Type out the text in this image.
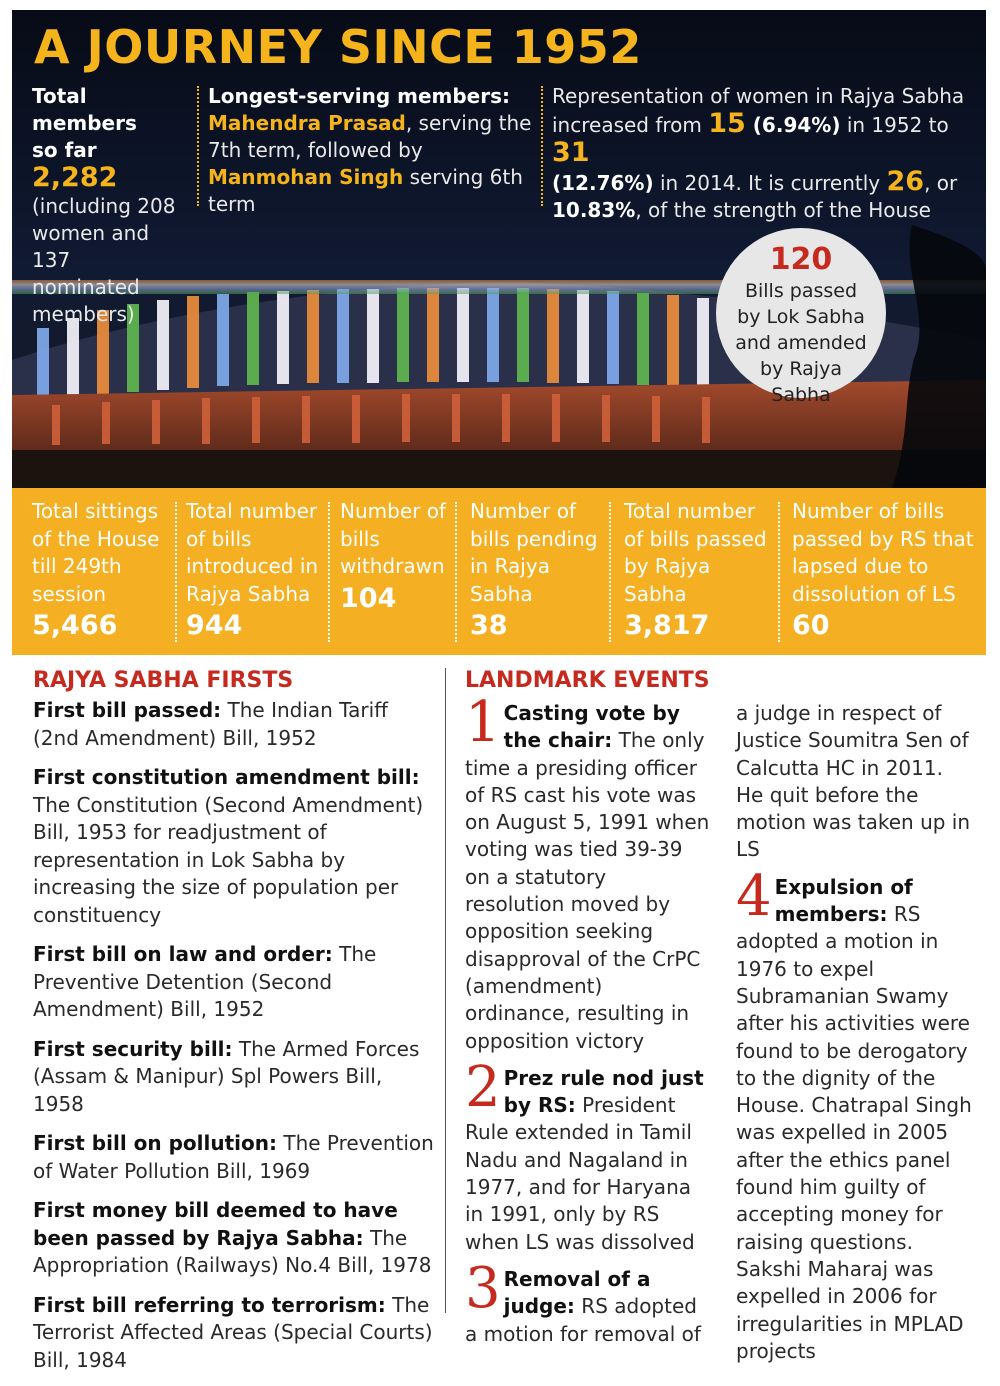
A JOURNEY SINCE 1952
Total members
so far 2,282
(including 208 women and 137 nominated members)
Longest-serving members:
Mahendra Prasad, serving the 7th term, followed by Manmohan Singh serving 6th term
Representation of women in Rajya Sabha increased from 15 (6.94%) in 1952 to 31
(12.76%) in 2014. It is currently 26, or
10.83%, of the strength of the House
120
Bills passed by Lok Sabha and amended by Rajya Sabha
Total sittings of the House till 249th session
5,466
Total number of bills introduced in Rajya Sabha
944
Number of bills withdrawn
104
Number of bills pending in Rajya Sabha
38
Total number of bills passed by Rajya Sabha
3,817
Number of bills passed by RS that lapsed due to dissolution of LS
60
RAJYA SABHA FIRSTS
First bill passed: The Indian Tariff (2nd Amendment) Bill, 1952
First constitution amendment bill: The Constitution (Second Amendment) Bill, 1953 for readjustment of representation in Lok Sabha by increasing the size of population per constituency
First bill on law and order: The Preventive Detention (Second Amendment) Bill, 1952
First security bill: The Armed Forces (Assam & Manipur) Spl Powers Bill, 1958
First bill on pollution: The Prevention of Water Pollution Bill, 1969
First money bill deemed to have been passed by Rajya Sabha: The Appropriation (Railways) No.4 Bill, 1978
First bill referring to terrorism: The Terrorist Affected Areas (Special Courts) Bill, 1984
LANDMARK EVENTS
1 Casting vote by the chair: The only time a presiding officer of RS cast his vote was on August 5, 1991 when voting was tied 39-39 on a statutory resolution moved by opposition seeking disapproval of the CrPC (amendment) ordinance, resulting in opposition victory
2 Prez rule nod just by RS: President Rule extended in Tamil Nadu and Nagaland in 1977, and for Haryana in 1991, only by RS when LS was dissolved
3 Removal of a judge: RS adopted a motion for removal of
a judge in respect of Justice Soumitra Sen of Calcutta HC in 2011. He quit before the motion was taken up in LS
4 Expulsion of members: RS adopted a motion in 1976 to expel Subramanian Swamy after his activities were found to be derogatory to the dignity of the House. Chatrapal Singh was expelled in 2005 after the ethics panel found him guilty of accepting money for raising questions. Sakshi Maharaj was expelled in 2006 for irregularities in MPLAD projects
